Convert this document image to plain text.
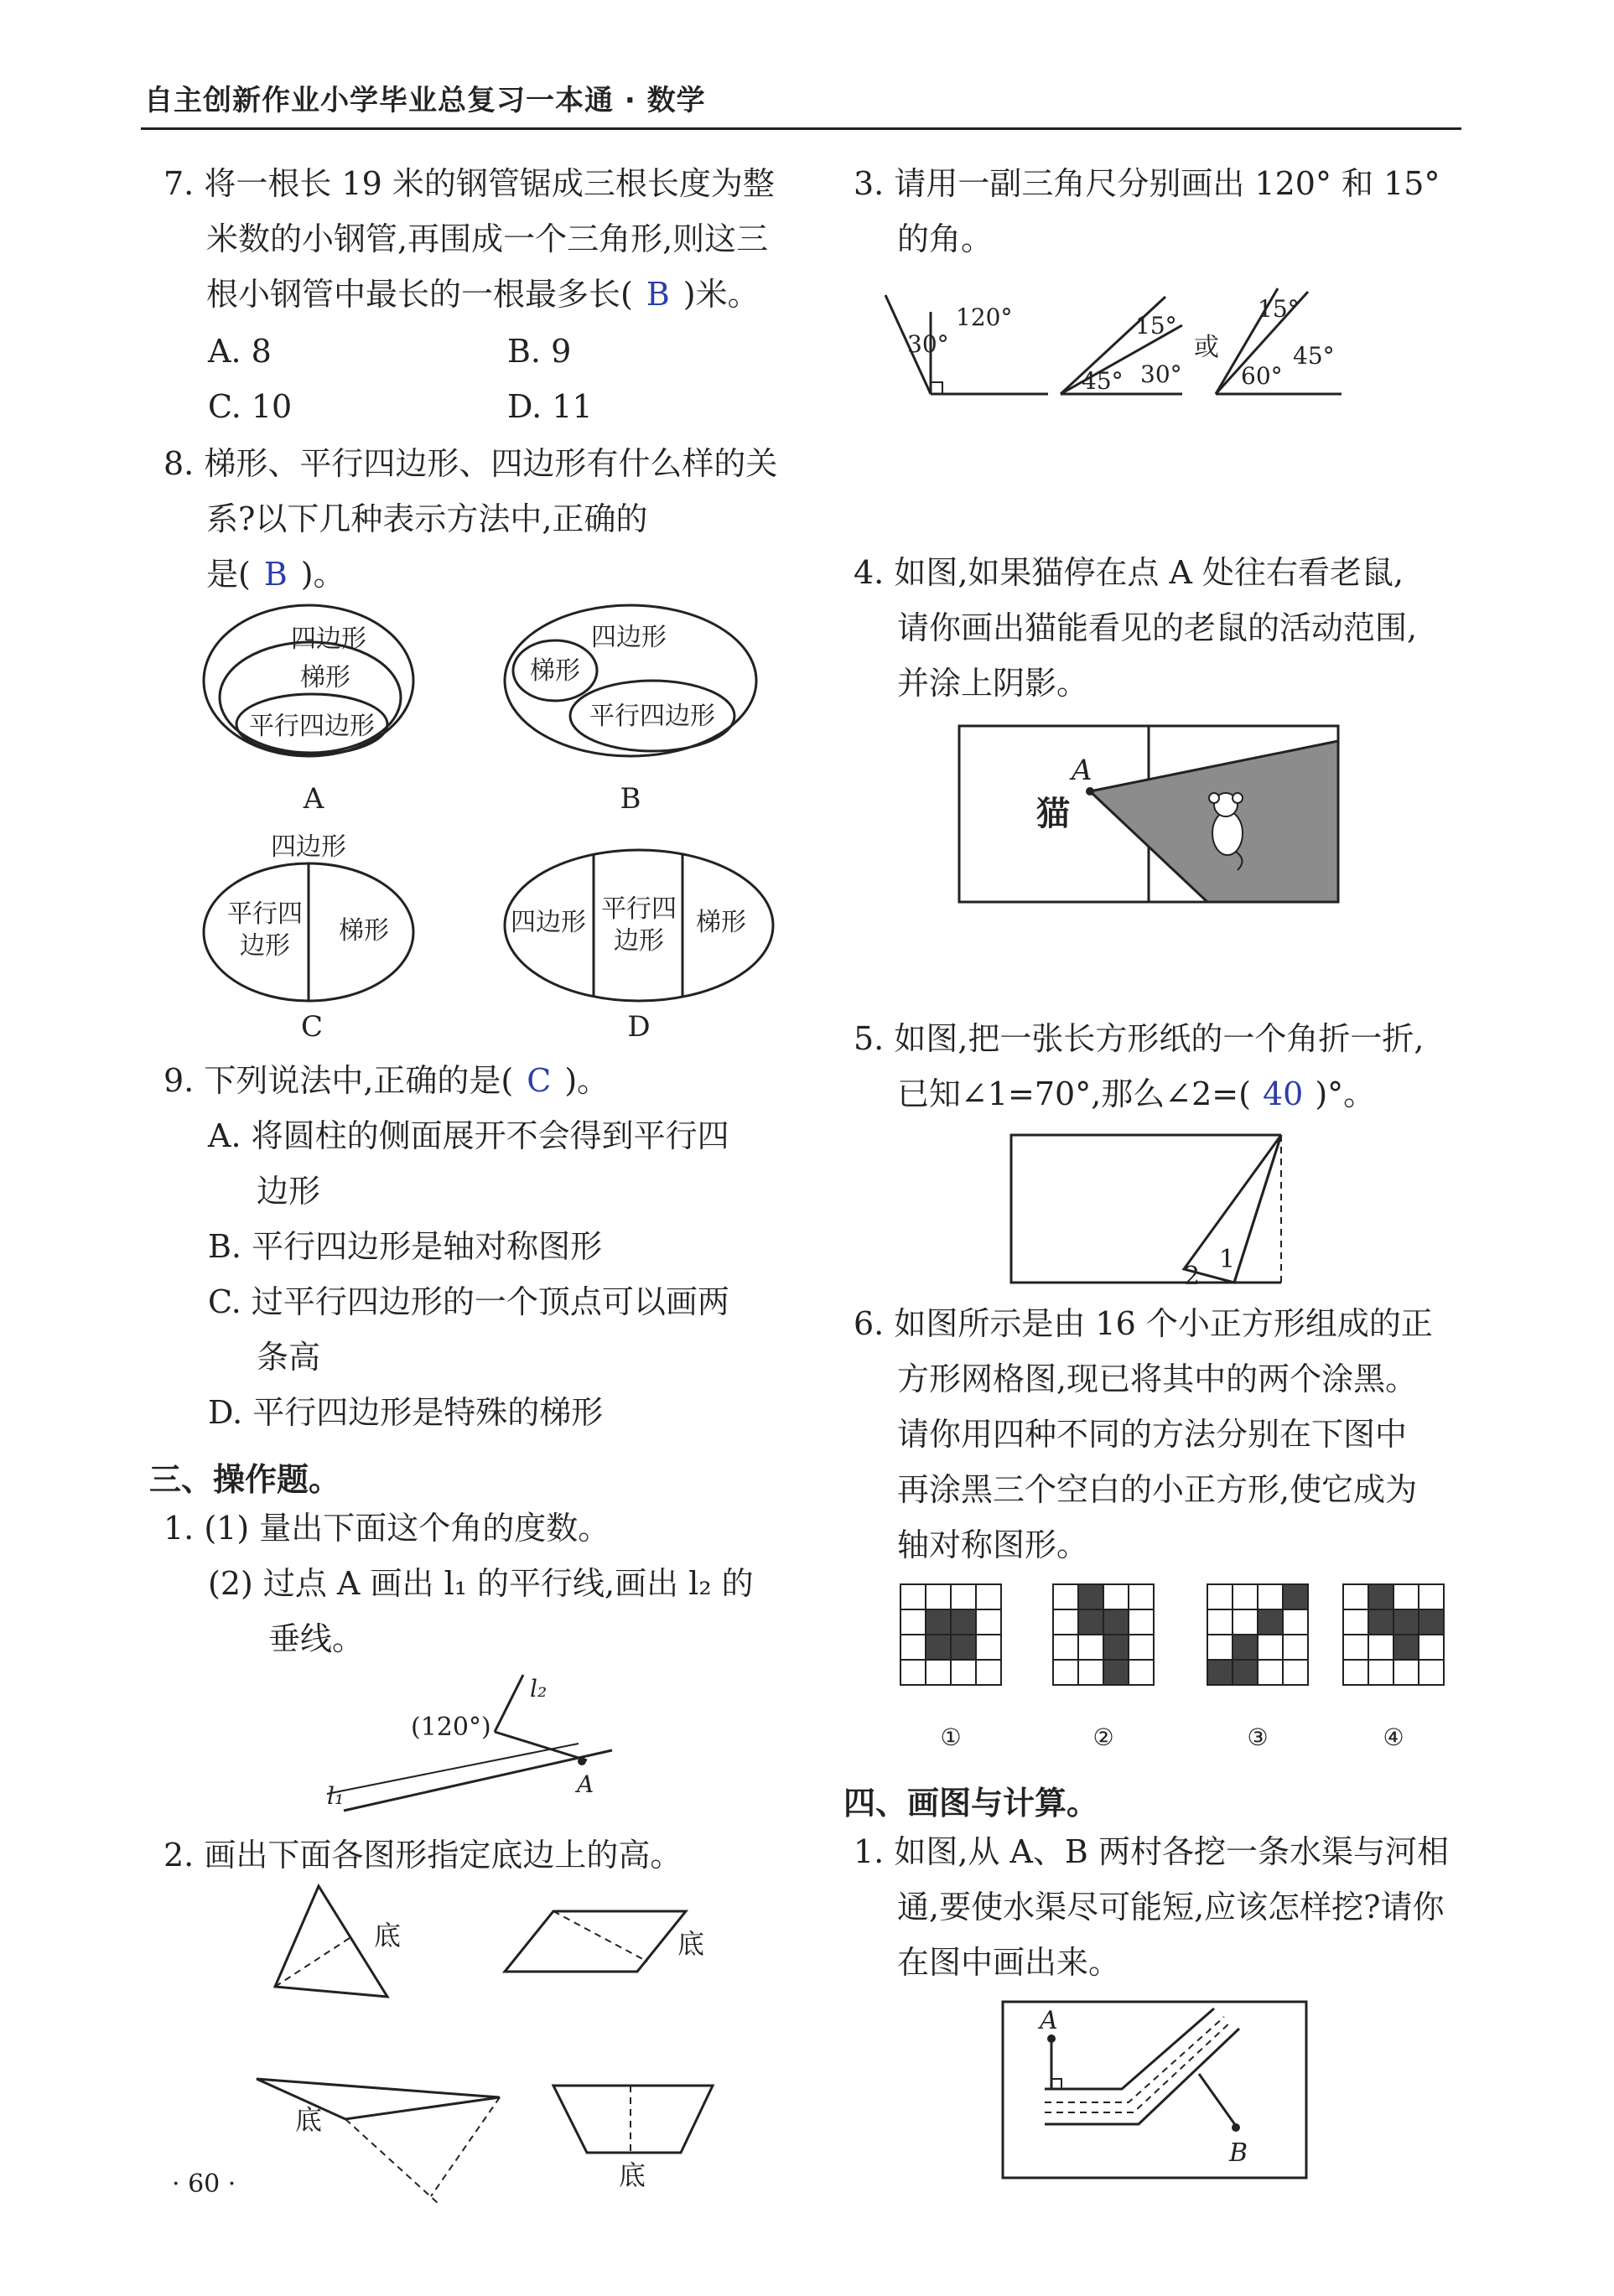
自主创新作业小学毕业总复习一本通 · 数学
7. 将一根长 19 米的钢管锯成三根长度为整
米数的小钢管,再围成一个三角形,则这三
根小钢管中最长的一根最多长( B )米。
A. 8	B. 9
C. 10	D. 11
8. 梯形、平行四边形、四边形有什么样的关
系?以下几种表示方法中,正确的
是( B )。
四边形
梯形
平行四边形
四边形
梯形
平行四边形
四边形
平行四
边形
梯形	四边形 平行四
边形
梯形
A	B
C	D
9. 下列说法中,正确的是( C )。
A. 将圆柱的侧面展开不会得到平行四
边形
B. 平行四边形是轴对称图形
C. 过平行四边形的一个顶点可以画两
条高
D. 平行四边形是特殊的梯形
三、操作题。
1. (1) 量出下面这个角的度数。
(2) 过点 A 画出 l₁ 的平行线,画出 l₂ 的
垂线。
(120°)
l₂
l₁	A
2. 画出下面各图形指定底边上的高。
底	底
底
底
· 60 ·
3. 请用一副三角尺分别画出 120° 和 15°
的角。
120°
30°
15°
45° 30°
或
15°
60°
45°
4. 如图,如果猫停在点 A 处往右看老鼠,
请你画出猫能看见的老鼠的活动范围,
并涂上阴影。
A
猫
5. 如图,把一张长方形纸的一个角折一折,
已知∠1=70°,那么∠2=( 40 )°。
1
2
6. 如图所示是由 16 个小正方形组成的正
方形网格图,现已将其中的两个涂黑。
请你用四种不同的方法分别在下图中
再涂黑三个空白的小正方形,使它成为
轴对称图形。
①	②	③	④
四、画图与计算。
1. 如图,从 A、B 两村各挖一条水渠与河相
通,要使水渠尽可能短,应该怎样挖?请你
在图中画出来。
A
B
